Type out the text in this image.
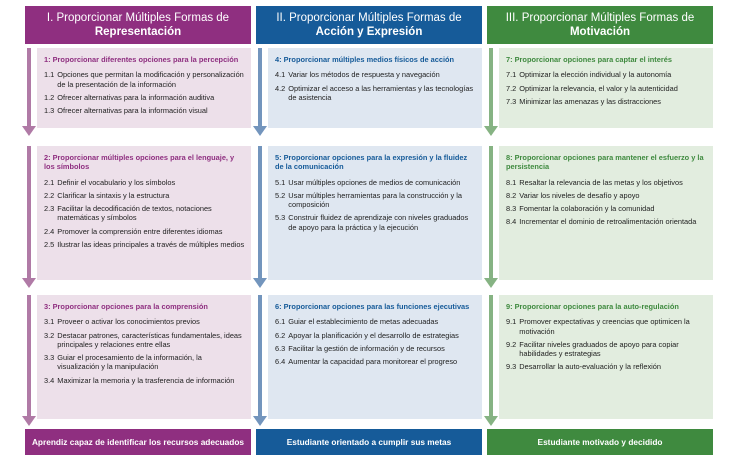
I. Proporcionar Múltiples Formas de
Representación
1: Proporcionar diferentes opciones para la percepción
1.1 Opciones que permitan la modificación y personalización de la presentación de la información
1.2 Ofrecer alternativas para la información auditiva
1.3 Ofrecer alternativas para la información visual
2: Proporcionar múltiples opciones para el lenguaje, y los símbolos
2.1 Definir el vocabulario y los símbolos
2.2 Clarificar la sintaxis y la estructura
2.3 Facilitar la decodificación de textos, notaciones matemáticas y símbolos
2.4 Promover la comprensión entre diferentes idiomas
2.5 Ilustrar las ideas principales a través de múltiples medios
3: Proporcionar opciones para la comprensión
3.1 Proveer o activar los conocimientos previos
3.2 Destacar patrones, características fundamentales, ideas principales y relaciones entre ellas
3.3 Guiar el procesamiento de la información, la visualización y la manipulación
3.4 Maximizar la memoria y la trasferencia de información
Aprendiz capaz de identificar los recursos adecuados
II. Proporcionar Múltiples Formas de
Acción y Expresión
4: Proporcionar múltiples medios físicos de acción
4.1 Variar los métodos de respuesta y navegación
4.2 Optimizar el acceso a las herramientas y las tecnologías de asistencia
5: Proporcionar opciones para la expresión y la fluidez de la comunicación
5.1 Usar múltiples opciones de medios de comunicación
5.2 Usar múltiples herramientas para la construcción y la composición
5.3 Construir fluidez de aprendizaje con niveles graduados de apoyo para la práctica y la ejecución
6: Proporcionar opciones para las funciones ejecutivas
6.1 Guiar el establecimiento de metas adecuadas
6.2 Apoyar la planificación y el desarrollo de estrategias
6.3 Facilitar la gestión de información y de recursos
6.4 Aumentar la capacidad para monitorear el progreso
Estudiante orientado a cumplir sus metas
III. Proporcionar Múltiples Formas de
Motivación
7: Proporcionar opciones para captar el interés
7.1 Optimizar la elección individual y la autonomía
7.2 Optimizar la relevancia, el valor y la autenticidad
7.3 Minimizar las amenazas y las distracciones
8: Proporcionar opciones para mantener el esfuerzo y la persistencia
8.1 Resaltar la relevancia de las metas y los objetivos
8.2 Variar los niveles de desafío y apoyo
8.3 Fomentar la colaboración y la comunidad
8.4 Incrementar el dominio de retroalimentación orientada
9: Proporcionar opciones para la auto-regulación
9.1 Promover expectativas y creencias que optimicen la motivación
9.2 Facilitar niveles graduados de apoyo para copiar habilidades y estrategias
9.3 Desarrollar la auto-evaluación y la reflexión
Estudiante motivado y decidido
